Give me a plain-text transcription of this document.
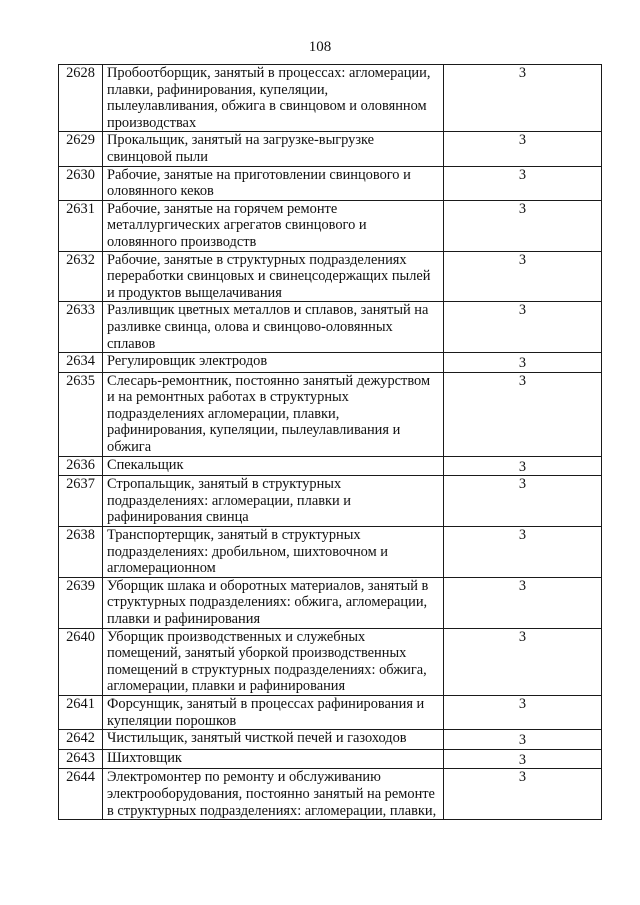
108
2628	Пробоотборщик, занятый в процессах: агломерации, плавки, рафинирования, купеляции, пылеулавливания, обжига в свинцовом и оловянном производствах	3
2629	Прокальщик, занятый на загрузке-выгрузке свинцовой пыли	3
2630	Рабочие, занятые на приготовлении свинцового и оловянного кеков	3
2631	Рабочие, занятые на горячем ремонте металлургических агрегатов свинцового и оловянного производств	3
2632	Рабочие, занятые в структурных подразделениях переработки свинцовых и свинецсодержащих пылей и продуктов выщелачивания	3
2633	Разливщик цветных металлов и сплавов, занятый на разливке свинца, олова и свинцово-оловянных сплавов	3
2634	Регулировщик электродов	3
2635	Слесарь-ремонтник, постоянно занятый дежурством и на ремонтных работах в структурных подразделениях агломерации, плавки, рафинирования, купеляции, пылеулавливания и обжига	3
2636	Спекальщик	3
2637	Стропальщик, занятый в структурных подразделениях: агломерации, плавки и рафинирования свинца	3
2638	Транспортерщик, занятый в структурных подразделениях: дробильном, шихтовочном и агломерационном	3
2639	Уборщик шлака и оборотных материалов, занятый в структурных подразделениях: обжига, агломерации, плавки и рафинирования	3
2640	Уборщик производственных и служебных помещений, занятый уборкой производственных помещений в структурных подразделениях: обжига, агломерации, плавки и рафинирования	3
2641	Форсунщик, занятый в процессах рафинирования и купеляции порошков	3
2642	Чистильщик, занятый чисткой печей и газоходов	3
2643	Шихтовщик	3
2644	Электромонтер по ремонту и обслуживанию электрооборудования, постоянно занятый на ремонте в структурных подразделениях: агломерации, плавки,	3
